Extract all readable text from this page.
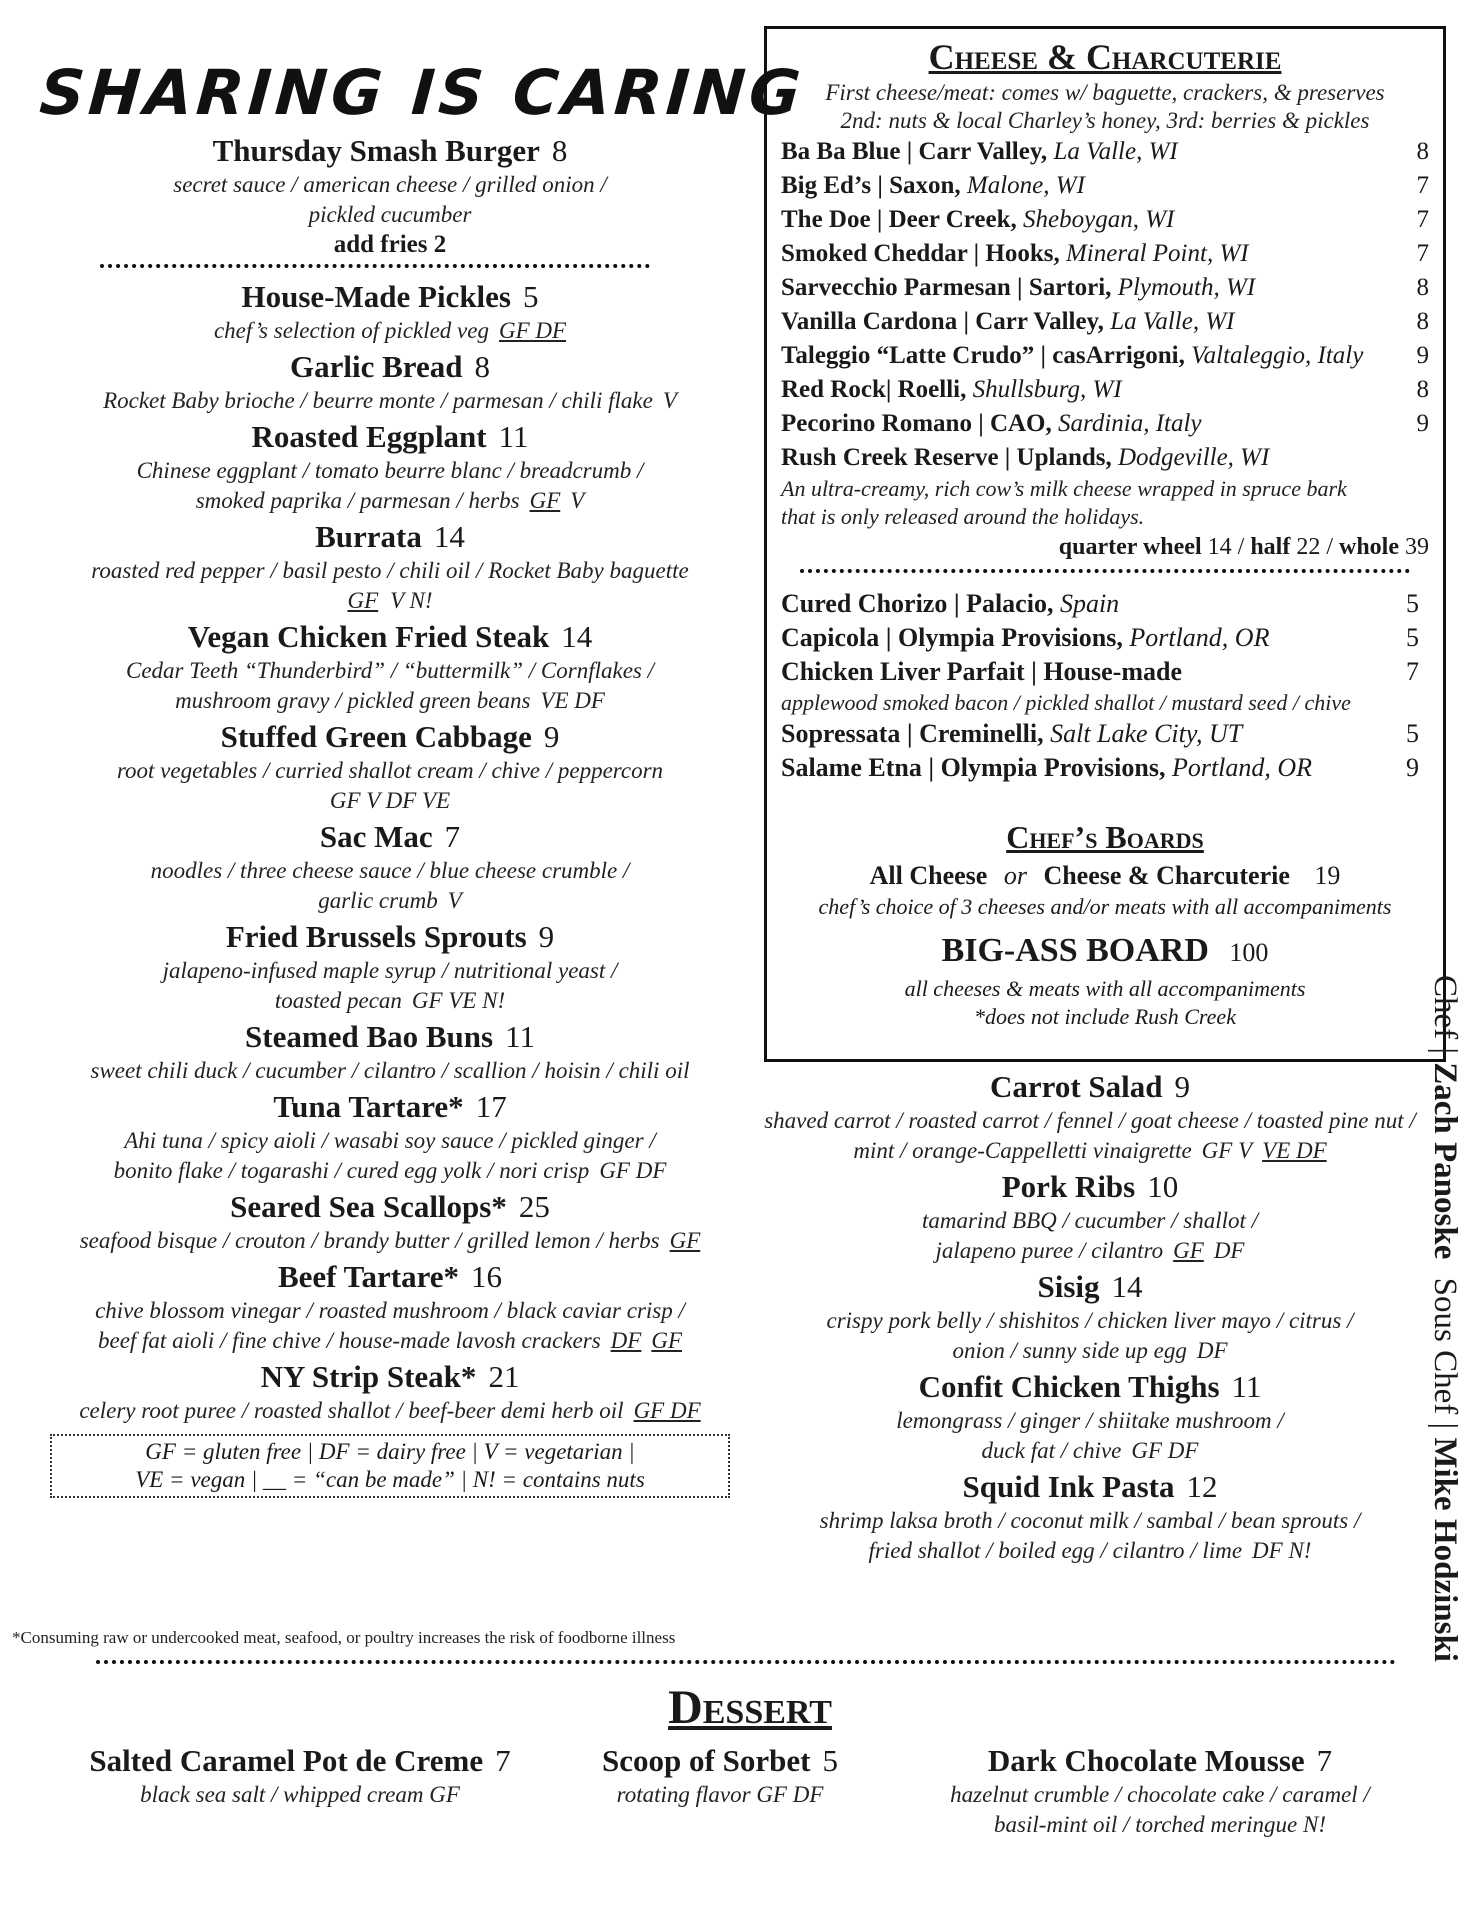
SHARING IS CARING
Thursday Smash Burger 8
secret sauce / american cheese / grilled onion /
pickled cucumber
add fries 2
House-Made Pickles 5
chef’s selection of pickled veg GF DF
Garlic Bread 8
Rocket Baby brioche / beurre monte / parmesan / chili flake V
Roasted Eggplant 11
Chinese eggplant / tomato beurre blanc / breadcrumb /
smoked paprika / parmesan / herbs GF V
Burrata 14
roasted red pepper / basil pesto / chili oil / Rocket Baby baguette
GF V N!
Vegan Chicken Fried Steak 14
Cedar Teeth “Thunderbird” / “buttermilk” / Cornflakes /
mushroom gravy / pickled green beans VE DF
Stuffed Green Cabbage 9
root vegetables / curried shallot cream / chive / peppercorn
GF V DF VE
Sac Mac 7
noodles / three cheese sauce / blue cheese crumble /
garlic crumb V
Fried Brussels Sprouts 9
jalapeno-infused maple syrup / nutritional yeast /
toasted pecan GF VE N!
Steamed Bao Buns 11
sweet chili duck / cucumber / cilantro / scallion / hoisin / chili oil
Tuna Tartare* 17
Ahi tuna / spicy aioli / wasabi soy sauce / pickled ginger /
bonito flake / togarashi / cured egg yolk / nori crisp GF DF
Seared Sea Scallops* 25
seafood bisque / crouton / brandy butter / grilled lemon / herbs GF
Beef Tartare* 16
chive blossom vinegar / roasted mushroom / black caviar crisp /
beef fat aioli / fine chive / house-made lavosh crackers DF GF
NY Strip Steak* 21
celery root puree / roasted shallot / beef-beer demi herb oil GF DF
GF = gluten free | DF = dairy free | V = vegetarian |
VE = vegan | __ = “can be made” | N! = contains nuts
*Consuming raw or undercooked meat, seafood, or poultry increases the risk of foodborne illness
Cheese & Charcuterie
First cheese/meat: comes w/ baguette, crackers, & preserves
2nd: nuts & local Charley’s honey, 3rd: berries & pickles
Ba Ba Blue | Carr Valley, La Valle, WI	8
Big Ed’s | Saxon, Malone, WI	7
The Doe | Deer Creek, Sheboygan, WI	7
Smoked Cheddar | Hooks, Mineral Point, WI	7
Sarvecchio Parmesan | Sartori, Plymouth, WI	8
Vanilla Cardona | Carr Valley, La Valle, WI	8
Taleggio “Latte Crudo” | casArrigoni, Valtaleggio, Italy 9
Red Rock| Roelli, Shullsburg, WI	8
Pecorino Romano | CAO, Sardinia, Italy	9
Rush Creek Reserve | Uplands, Dodgeville, WI
An ultra-creamy, rich cow’s milk cheese wrapped in spruce bark
that is only released around the holidays.
quarter wheel 14 / half 22 / whole 39
Cured Chorizo | Palacio, Spain	5
Capicola | Olympia Provisions, Portland, OR	5
Chicken Liver Parfait | House-made	7
applewood smoked bacon / pickled shallot / mustard seed / chive
Sopressata | Creminelli, Salt Lake City, UT	5
Salame Etna | Olympia Provisions, Portland, OR	9
Chef’s Boards
All Cheese or Cheese & Charcuterie 19
chef’s choice of 3 cheeses and/or meats with all accompaniments
BIG-ASS BOARD 100
all cheeses & meats with all accompaniments
*does not include Rush Creek
Carrot Salad 9
shaved carrot / roasted carrot / fennel / goat cheese / toasted pine nut /
mint / orange-Cappelletti vinaigrette GF V VE DF
Pork Ribs 10
tamarind BBQ / cucumber / shallot /
jalapeno puree / cilantro GF DF
Sisig 14
crispy pork belly / shishitos / chicken liver mayo / citrus /
onion / sunny side up egg DF
Confit Chicken Thighs 11
lemongrass / ginger / shiitake mushroom /
duck fat / chive GF DF
Squid Ink Pasta 12
shrimp laksa broth / coconut milk / sambal / bean sprouts /
fried shallot / boiled egg / cilantro / lime DF N!
Chef | Zach Panoske Sous Chef | Mike Hodzinski
Dessert
Salted Caramel Pot de Creme 7
black sea salt / whipped cream GF
Scoop of Sorbet 5
rotating flavor GF DF
Dark Chocolate Mousse 7
hazelnut crumble / chocolate cake / caramel /
basil-mint oil / torched meringue N!
